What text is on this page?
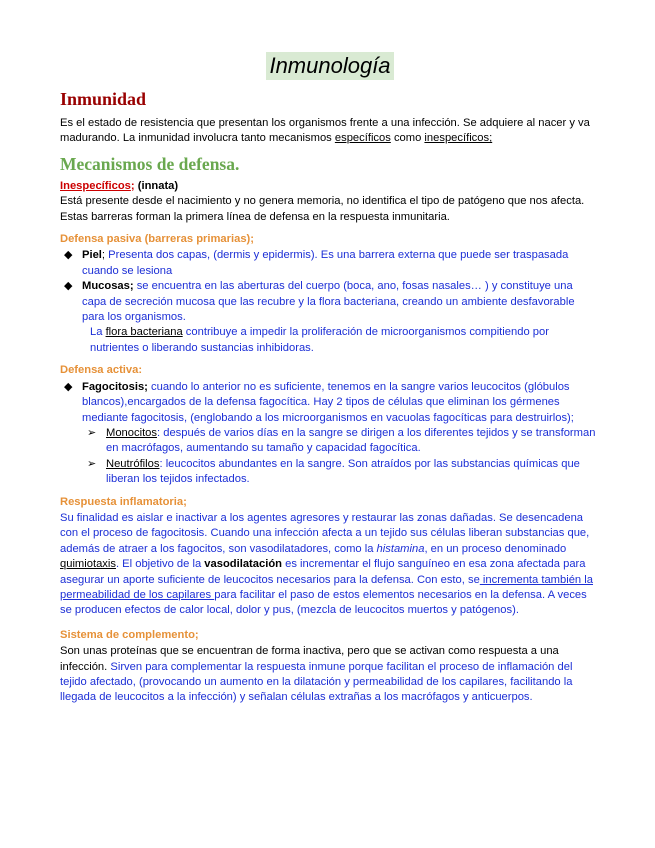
Inmunología
Inmunidad

Es el estado de resistencia que presentan los organismos frente a una infección. Se adquiere al nacer y va madurando. La inmunidad involucra tanto mecanismos específicos como inespecíficos;

Mecanismos de defensa.

Inespecíficos; (innata)

Está presente desde el nacimiento y no genera memoria, no identifica el tipo de patógeno que nos afecta. Estas barreras forman la primera línea de defensa en la respuesta inmunitaria.

Defensa pasiva (barreras primarias);
◆ Piel; Presenta dos capas, (dermis y epidermis). Es una barrera externa que puede ser traspasada cuando se lesiona
◆ Mucosas; se encuentra en las aberturas del cuerpo (boca, ano, fosas nasales… ) y constituye una capa de secreción mucosa que las recubre y la flora bacteriana, creando un ambiente desfavorable para los organismos.
La flora bacteriana contribuye a impedir la proliferación de microorganismos compitiendo por nutrientes o liberando sustancias inhibidoras.
Defensa activa:
◆ Fagocitosis; cuando lo anterior no es suficiente, tenemos en la sangre varios leucocitos (glóbulos blancos),encargados de la defensa fagocítica. Hay 2 tipos de células que eliminan los gérmenes mediante fagocitosis, (englobando a los microorganismos en vacuolas fagocíticas para destruirlos);
➢ Monocitos: después de varios días en la sangre se dirigen a los diferentes tejidos y se transforman en macrófagos, aumentando su tamaño y capacidad fagocítica.
➢ Neutrófilos: leucocitos abundantes en la sangre. Son atraídos por las substancias químicas que liberan los tejidos infectados.
Respuesta inflamatoria;

Su finalidad es aislar e inactivar a los agentes agresores y restaurar las zonas dañadas. Se desencadena con el proceso de fagocitosis. Cuando una infección afecta a un tejido sus células liberan substancias que, además de atraer a los fagocitos, son vasodilatadores, como la histamina, en un proceso denominado quimiotaxis. El objetivo de la vasodilatación es incrementar el flujo sanguíneo en esa zona afectada para asegurar un aporte suficiente de leucocitos necesarios para la defensa. Con esto, se incrementa también la permeabilidad de los capilares para facilitar el paso de estos elementos necesarios en la defensa. A veces se producen efectos de calor local, dolor y pus, (mezcla de leucocitos muertos y patógenos).

Sistema de complemento;

Son unas proteínas que se encuentran de forma inactiva, pero que se activan como respuesta a una infección. Sirven para complementar la respuesta inmune porque facilitan el proceso de inflamación del tejido afectado, (provocando un aumento en la dilatación y permeabilidad de los capilares, facilitando la llegada de leucocitos a la infección) y señalan células extrañas a los macrófagos y anticuerpos.
